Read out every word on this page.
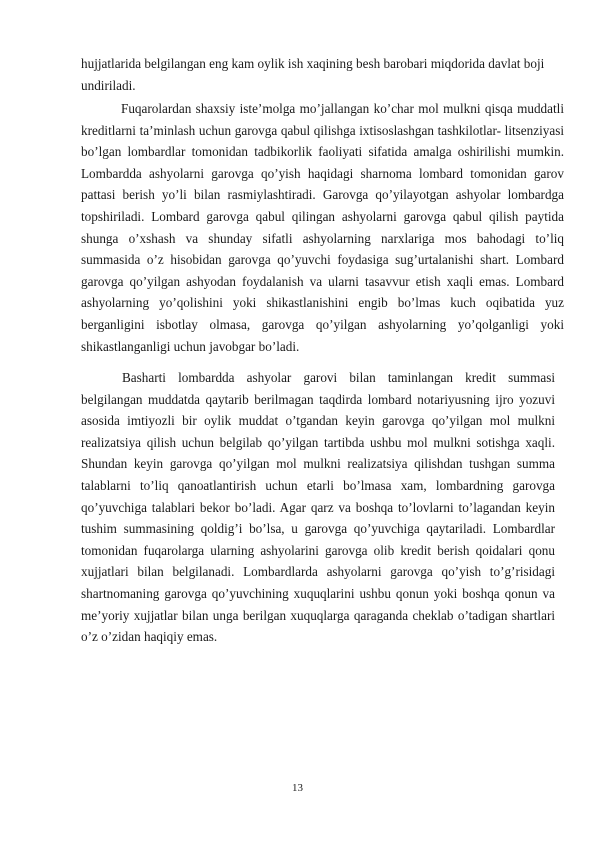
hujjatlarida belgilangan eng kam oylik ish xaqining besh barobari miqdorida davlat boji undiriladi.

Fuqarolardan shaxsiy iste’molga mo’jallangan ko’char mol mulkni qisqa muddatli kreditlarni ta’minlash uchun garovga qabul qilishga ixtisoslashgan tashkilotlar- litsenziyasi bo’lgan lombardlar tomonidan tadbikorlik faoliyati sifatida amalga oshirilishi mumkin. Lombardda ashyolarni garovga qo’yish haqidagi sharnoma lombard tomonidan garov pattasi berish yo’li bilan rasmiylashtiradi. Garovga qo’yilayotgan ashyolar lombardga topshiriladi. Lombard garovga qabul qilingan ashyolarni garovga qabul qilish paytida shunga o’xshash va shunday sifatli ashyolarning narxlariga mos bahodagi to’liq summasida o’z hisobidan garovga qo’yuvchi foydasiga sug’urtalanishi shart. Lombard garovga qo’yilgan ashyodan foydalanish va ularni tasavvur etish xaqli emas. Lombard ashyolarning yo’qolishini yoki shikastlanishini engib bo’lmas kuch oqibatida yuz berganligini isbotlay olmasa, garovga qo’yilgan ashyolarning yo’qolganligi yoki shikastlanganligi uchun javobgar bo’ladi.

Basharti lombardda ashyolar garovi bilan taminlangan kredit summasi belgilangan muddatda qaytarib berilmagan taqdirda lombard notariyusning ijro yozuvi asosida imtiyozli bir oylik muddat o’tgandan keyin garovga qo’yilgan mol mulkni realizatsiya qilish uchun belgilab qo’yilgan tartibda ushbu mol mulkni sotishga xaqli. Shundan keyin garovga qo’yilgan mol mulkni realizatsiya qilishdan tushgan summa talablarni to’liq qanoatlantirish uchun etarli bo’lmasa xam, lombardning garovga qo’yuvchiga talablari bekor bo’ladi. Agar qarz va boshqa to’lovlarni to’lagandan keyin tushim summasining qoldig’i bo’lsa, u garovga qo’yuvchiga qaytariladi. Lombardlar tomonidan fuqarolarga ularning ashyolarini garovga olib kredit berish qoidalari qonu xujjatlari bilan belgilanadi. Lombardlarda ashyolarni garovga qo’yish to’g’risidagi shartnomaning garovga qo’yuvchining xuquqlarini ushbu qonun yoki boshqa qonun va me’yoriy xujjatlar bilan unga berilgan xuquqlarga qaraganda cheklab o’tadigan shartlari o’z o’zidan haqiqiy emas.

13
